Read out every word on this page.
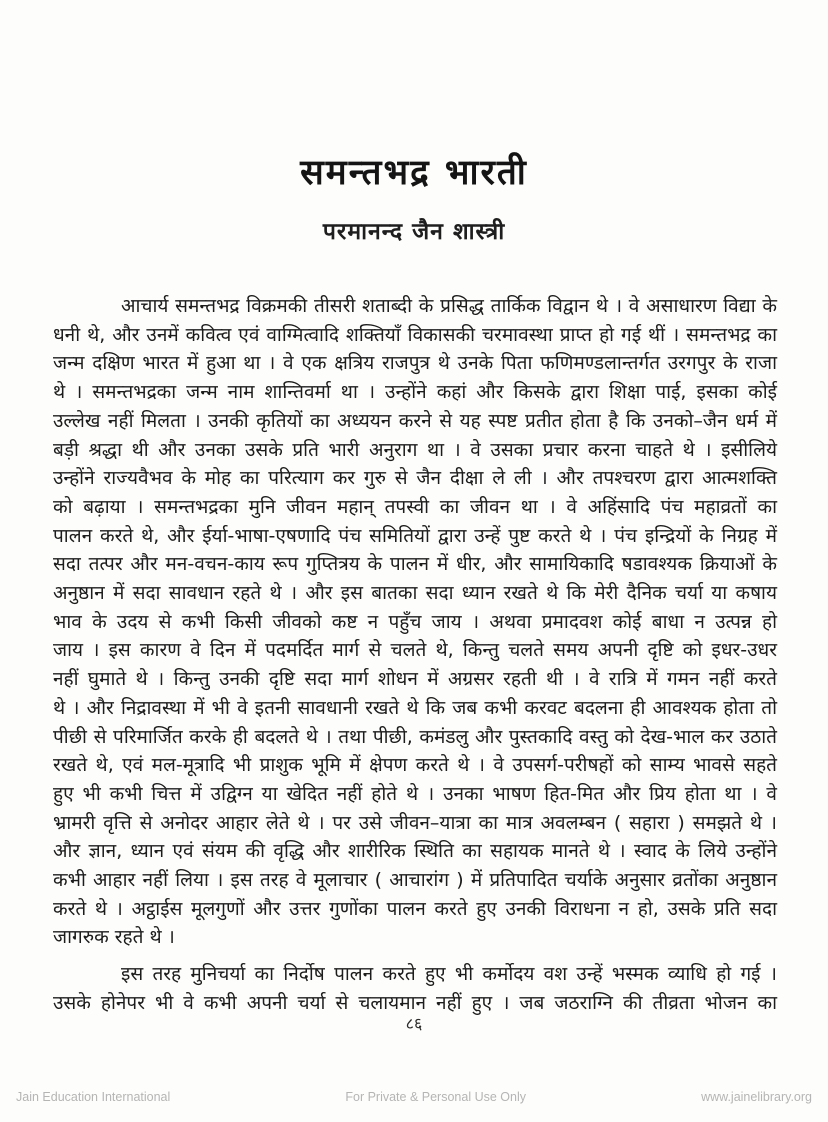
समन्तभद्र भारती
परमानन्द जैन शास्त्री
आचार्य समन्तभद्र विक्रमकी तीसरी शताब्दी के प्रसिद्ध तार्किक विद्वान थे । वे असाधारण विद्या के
धनी थे, और उनमें कवित्व एवं वाग्मित्वादि शक्तियाँ विकासकी चरमावस्था प्राप्त हो गई थीं । समन्तभद्र का
जन्म दक्षिण भारत में हुआ था । वे एक क्षत्रिय राजपुत्र थे उनके पिता फणिमण्डलान्तर्गत उरगपुर के राजा
थे । समन्तभद्रका जन्म नाम शान्तिवर्मा था । उन्होंने कहां और किसके द्वारा शिक्षा पाई, इसका कोई
उल्लेख नहीं मिलता । उनकी कृतियों का अध्ययन करने से यह स्पष्ट प्रतीत होता है कि उनको–जैन धर्म में
बड़ी श्रद्धा थी और उनका उसके प्रति भारी अनुराग था । वे उसका प्रचार करना चाहते थे । इसीलिये
उन्होंने राज्यवैभव के मोह का परित्याग कर गुरु से जैन दीक्षा ले ली । और तपश्चरण द्वारा आत्मशक्ति
को बढ़ाया । समन्तभद्रका मुनि जीवन महान् तपस्वी का जीवन था । वे अहिंसादि पंच महाव्रतों का
पालन करते थे, और ईर्या-भाषा-एषणादि पंच समितियों द्वारा उन्हें पुष्ट करते थे । पंच इन्द्रियों के निग्रह में
सदा तत्पर और मन-वचन-काय रूप गुप्तित्रय के पालन में धीर, और सामायिकादि षडावश्यक क्रियाओं के
अनुष्ठान में सदा सावधान रहते थे । और इस बातका सदा ध्यान रखते थे कि मेरी दैनिक चर्या या कषाय
भाव के उदय से कभी किसी जीवको कष्ट न पहुँच जाय । अथवा प्रमादवश कोई बाधा न उत्पन्न हो
जाय । इस कारण वे दिन में पदमर्दित मार्ग से चलते थे, किन्तु चलते समय अपनी दृष्टि को इधर-उधर
नहीं घुमाते थे । किन्तु उनकी दृष्टि सदा मार्ग शोधन में अग्रसर रहती थी । वे रात्रि में गमन नहीं करते
थे । और निद्रावस्था में भी वे इतनी सावधानी रखते थे कि जब कभी करवट बदलना ही आवश्यक होता तो
पीछी से परिमार्जित करके ही बदलते थे । तथा पीछी, कमंडलु और पुस्तकादि वस्तु को देख-भाल कर उठाते
रखते थे, एवं मल-मूत्रादि भी प्राशुक भूमि में क्षेपण करते थे । वे उपसर्ग-परीषहों को साम्य भावसे सहते
हुए भी कभी चित्त में उद्विग्न या खेदित नहीं होते थे । उनका भाषण हित-मित और प्रिय होता था । वे
भ्रामरी वृत्ति से अनोदर आहार लेते थे । पर उसे जीवन–यात्रा का मात्र अवलम्बन ( सहारा ) समझते थे ।
और ज्ञान, ध्यान एवं संयम की वृद्धि और शारीरिक स्थिति का सहायक मानते थे । स्वाद के लिये उन्होंने
कभी आहार नहीं लिया । इस तरह वे मूलाचार ( आचारांग ) में प्रतिपादित चर्याके अनुसार व्रतोंका अनुष्ठान
करते थे । अट्ठाईस मूलगुणों और उत्तर गुणोंका पालन करते हुए उनकी विराधना न हो, उसके प्रति सदा
जागरुक रहते थे ।
इस तरह मुनिचर्या का निर्दोष पालन करते हुए भी कर्मोदय वश उन्हें भस्मक व्याधि हो गई ।
उसके होनेपर भी वे कभी अपनी चर्या से चलायमान नहीं हुए । जब जठराग्नि की तीव्रता भोजन का
८६
Jain Education International	For Private & Personal Use Only	www.jainelibrary.org
